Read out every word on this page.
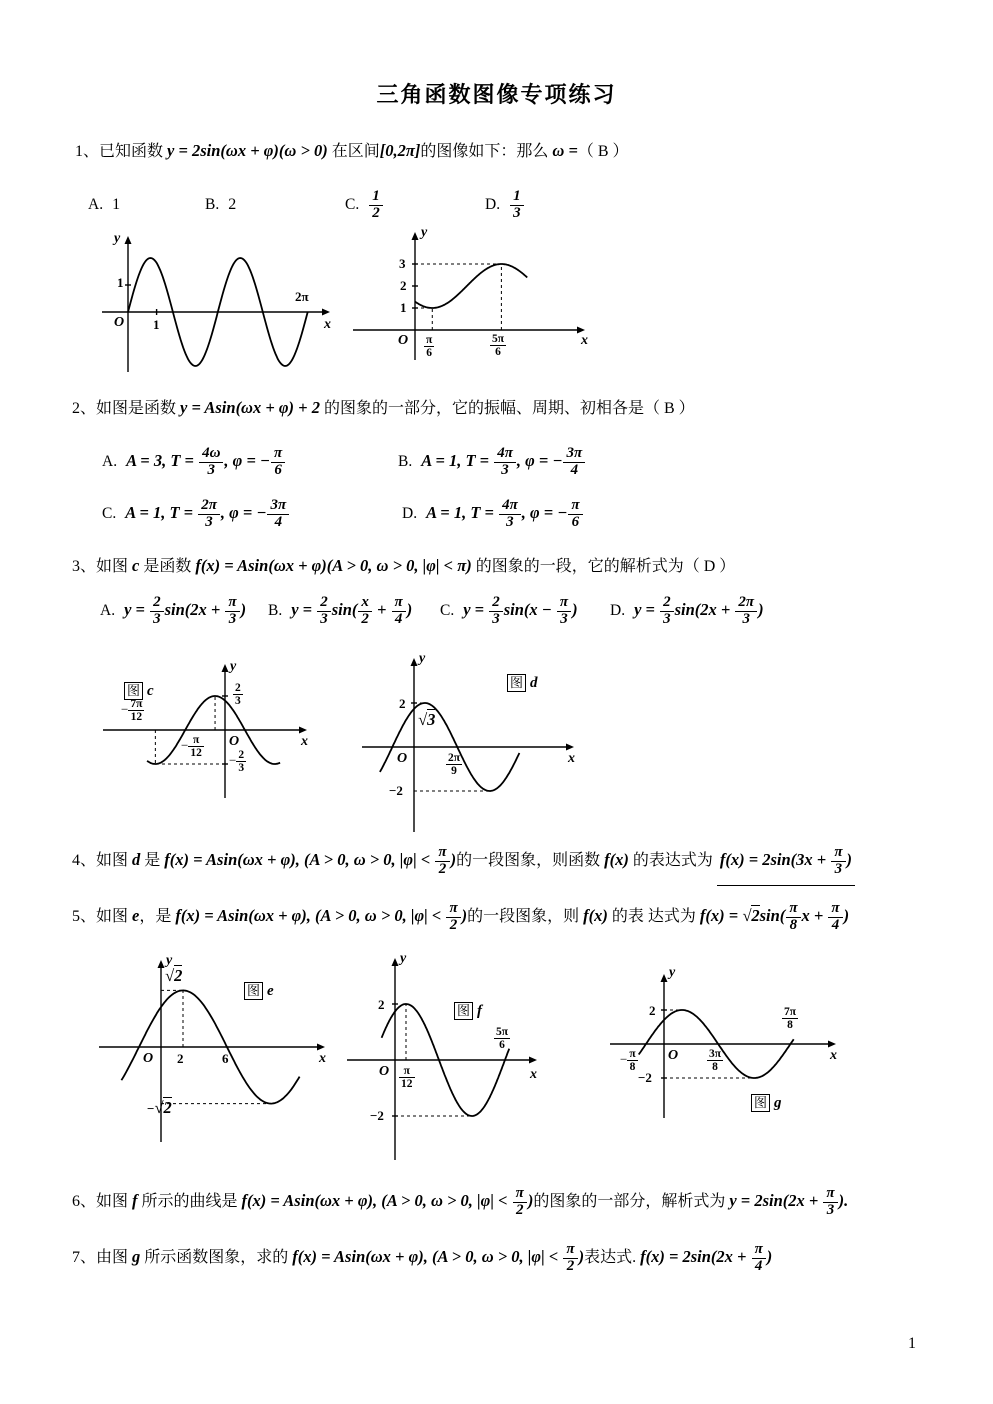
三角函数图像专项练习
1、已知函数 y = 2sin(ωx + φ)(ω > 0) 在区间[0,2π]的图像如下：那么 ω =（ B ）
A. 1	B. 2	C. $\frac{1}{2}$	D. $\frac{1}{3}$
y
x
O
1
1
2π
y
x
O
1
2
3
$\frac{\pi}{6}$	$\frac{5\pi}{6}$
2、如图是函数 y = Asin(ωx + φ) + 2 的图象的一部分，它的振幅、周期、初相各是（ B ）
A. A = 3, $T = \frac{4\omega}{3}$ , φ = − $\frac{\pi}{6}$	B. A = 1, $T = \frac{4\pi}{3}$ , φ = − $\frac{3\pi}{4}$
C. A = 1, $T = \frac{2\pi}{3}$ , φ = − $\frac{3\pi}{4}$	D. A = 1, $T = \frac{4\pi}{3}$ , φ = − $\frac{\pi}{6}$
3、如图 c 是函数 f(x) = Asin(ωx + φ)(A > 0, ω > 0, |φ| < π) 的图象的一段，它的解析式为（ D ）
A. $y = \frac{2}{3} \sin(2x + \frac{\pi}{3}$ ) B. $y = \frac{2}{3} \sin( \frac{x}{2} + \frac{\pi}{4}$ ) C. $y = \frac{2}{3} \sin(x - \frac{\pi}{3}$ ) D. $y = \frac{2}{3} \sin(2x + \frac{2\pi}{3}$ )
图 c
y
x
O
$\frac{2}{3}$
− $\frac{2}{3}$
− $\frac{7\pi}{12}$
− $\frac{\pi}{12}$
图 d
y
x
O
2
√3
$\frac{2\pi}{9}$
−2
4、如图 d 是 f(x) = Asin(ωx + φ), (A > 0, ω > 0, $|\varphi| < \frac{\pi}{2}$ )的一段图象，则函数 f(x) 的表达式为 $f(x) = 2\sin(3x + \frac{\pi}{3}$ )
5、如图 e，是 f(x) = Asin(ωx + φ), (A > 0, ω > 0, $|\varphi| < \frac{\pi}{2}$ )的一段图象，则 f(x) 的表 达式为 $f(x) = √2\sin( \frac{\pi}{8}$ $x + \frac{\pi}{4}$ )
图 e
y
x
O
√2
2	6
−√2
图 f
y
x
O
2
$\frac{\pi}{12}$
$\frac{5\pi}{6}$
−2
图 g
y
x
O
2
−2
− $\frac{\pi}{8}$	$\frac{3\pi}{8}$
$\frac{7\pi}{8}$
6、如图 f 所示的曲线是 f(x) = Asin(ωx + φ), (A > 0, ω > 0, $|\varphi| < \frac{\pi}{2}$ )的图象的一部分，解析式为 $y = 2\sin(2x + \frac{\pi}{3}$ ).
7、由图 g 所示函数图象，求的 f(x) = Asin(ωx + φ), (A > 0, ω > 0, $|\varphi| < \frac{\pi}{2}$ )表达式. $f(x) = 2\sin(2x + \frac{\pi}{4}$ )
1
